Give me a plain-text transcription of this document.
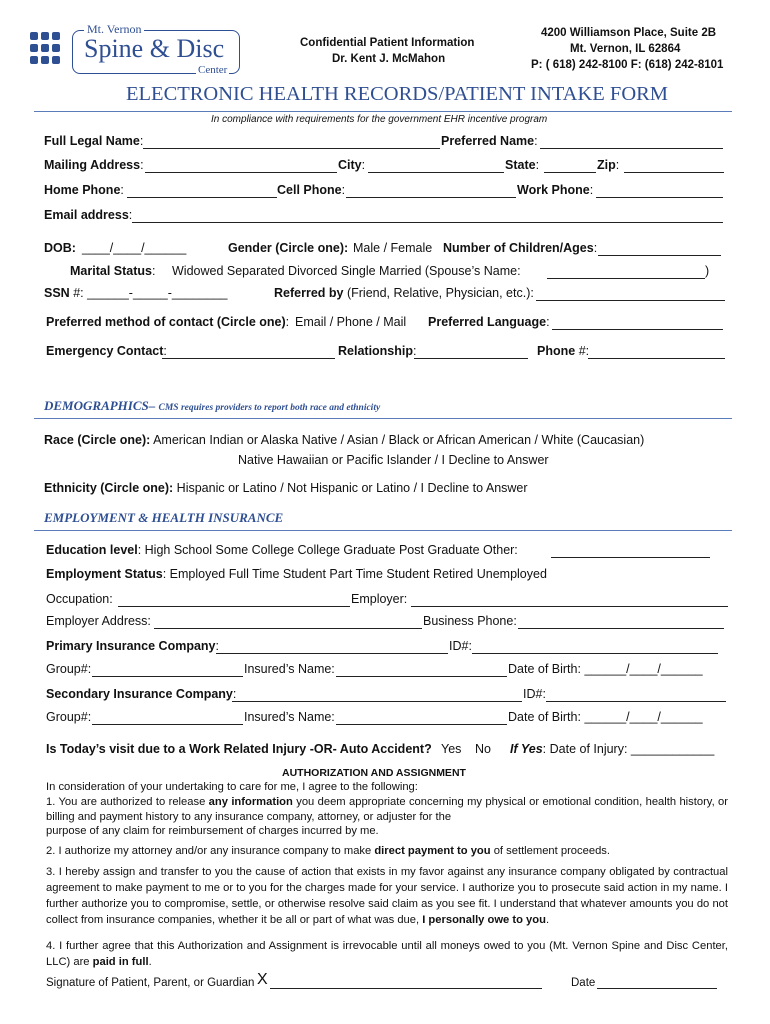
Mt. Vernon
Spine & Disc
Center
Confidential Patient Information
Dr. Kent J. McMahon
4200 Williamson Place, Suite 2B
Mt. Vernon, IL 62864
P: ( 618) 242-8100 F: (618) 242-8101
ELECTRONIC HEALTH RECORDS/PATIENT INTAKE FORM
In compliance with requirements for the government EHR incentive program
Full Legal Name:	Preferred Name:
Mailing Address:	City:	State:	Zip:
Home Phone:	Cell Phone:	Work Phone:
Email address:
DOB: ____/____/______	Gender (Circle one): Male / Female Number of Children/Ages:
Marital Status: Widowed Separated Divorced Single Married (Spouse’s Name:	)
SSN #: ______-_____-________	Referred by (Friend, Relative, Physician, etc.):
Preferred method of contact (Circle one): Email / Phone / Mail Preferred Language:
Emergency Contact:	Relationship:	Phone #:
DEMOGRAPHICS– CMS requires providers to report both race and ethnicity
Race (Circle one): American Indian or Alaska Native / Asian / Black or African American / White (Caucasian)
Native Hawaiian or Pacific Islander / I Decline to Answer
Ethnicity (Circle one): Hispanic or Latino / Not Hispanic or Latino / I Decline to Answer
EMPLOYMENT & HEALTH INSURANCE
Education level: High School Some College College Graduate Post Graduate Other:
Employment Status: Employed Full Time Student Part Time Student Retired Unemployed
Occupation:	Employer:
Employer Address:	Business Phone:
Primary Insurance Company:	ID#:
Group#:	Insured’s Name:	Date of Birth: ______/____/______
Secondary Insurance Company:	ID#:
Group#:	Insured’s Name:	Date of Birth: ______/____/______
Is Today’s visit due to a Work Related Injury -OR- Auto Accident? Yes No If Yes: Date of Injury: ____________
AUTHORIZATION AND ASSIGNMENT
In consideration of your undertaking to care for me, I agree to the following:
1. You are authorized to release any information you deem appropriate concerning my physical or emotional condition, health history, or billing and payment history to any insurance company, attorney, or adjuster for the
purpose of any claim for reimbursement of charges incurred by me.
2. I authorize my attorney and/or any insurance company to make direct payment to you of settlement proceeds.
3. I hereby assign and transfer to you the cause of action that exists in my favor against any insurance company obligated by contractual agreement to make payment to me or to you for the charges made for your service. I authorize you to prosecute said action in my name. I further authorize you to compromise, settle, or otherwise resolve said claim as you see fit. I understand that whatever amounts you do not collect from insurance companies, whether it be all or part of what was due, I personally owe to you.
4. I further agree that this Authorization and Assignment is irrevocable until all moneys owed to you (Mt. Vernon Spine and Disc Center, LLC) are paid in full.
Signature of Patient, Parent, or Guardian X	Date
